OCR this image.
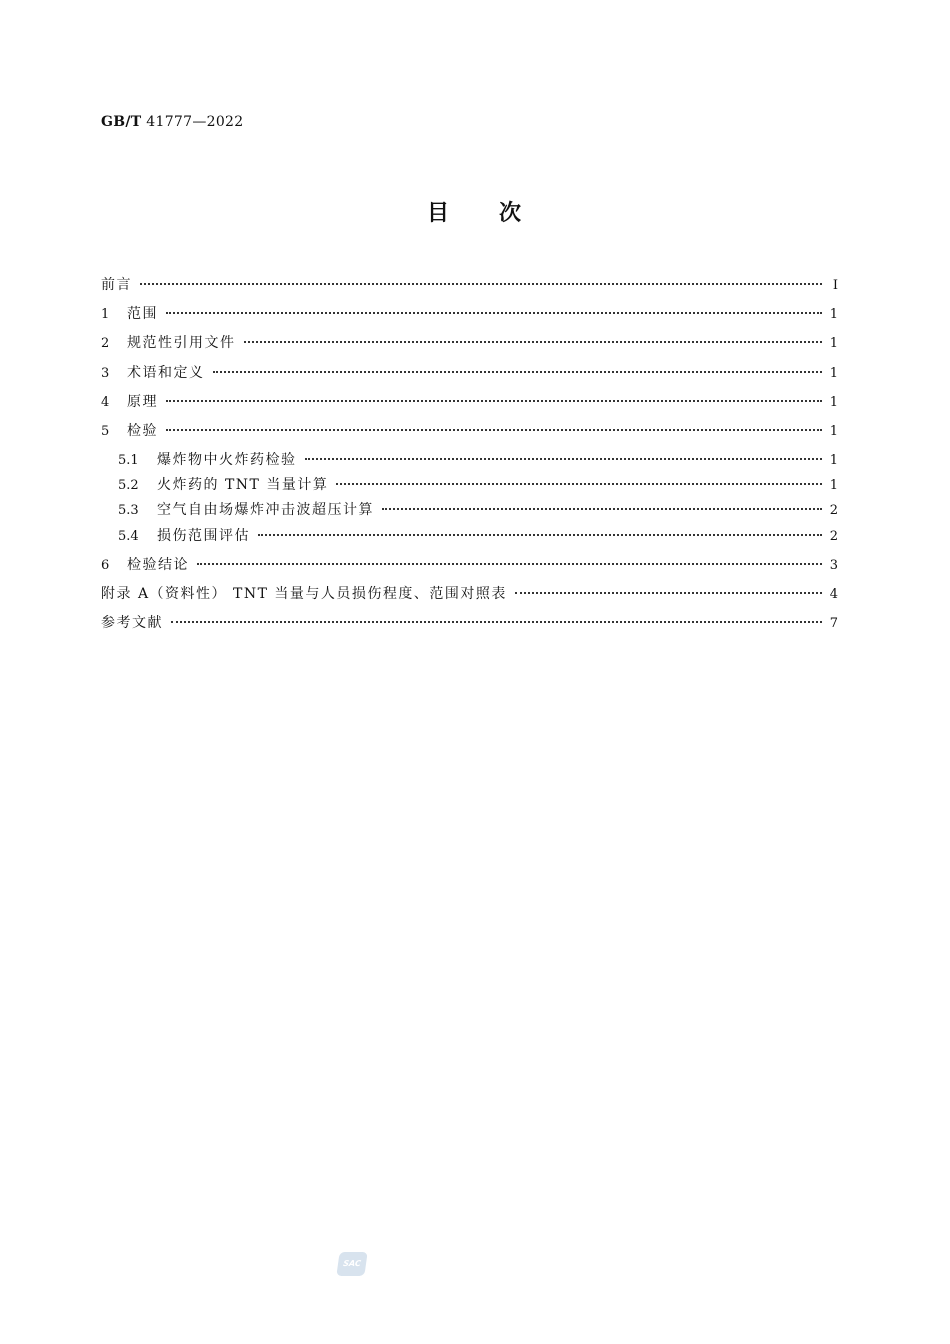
GB/T 41777—2022
目 次
前言	Ⅰ
1	范围	1
2	规范性引用文件	1
3	术语和定义	1
4	原理	1
5	检验	1
5.1	爆炸物中火炸药检验	1
5.2	火炸药的 TNT 当量计算	1
5.3	空气自由场爆炸冲击波超压计算	2
5.4	损伤范围评估	2
6	检验结论	3
附录 A（资料性） TNT 当量与人员损伤程度、范围对照表	4
参考文献	7
SAC
